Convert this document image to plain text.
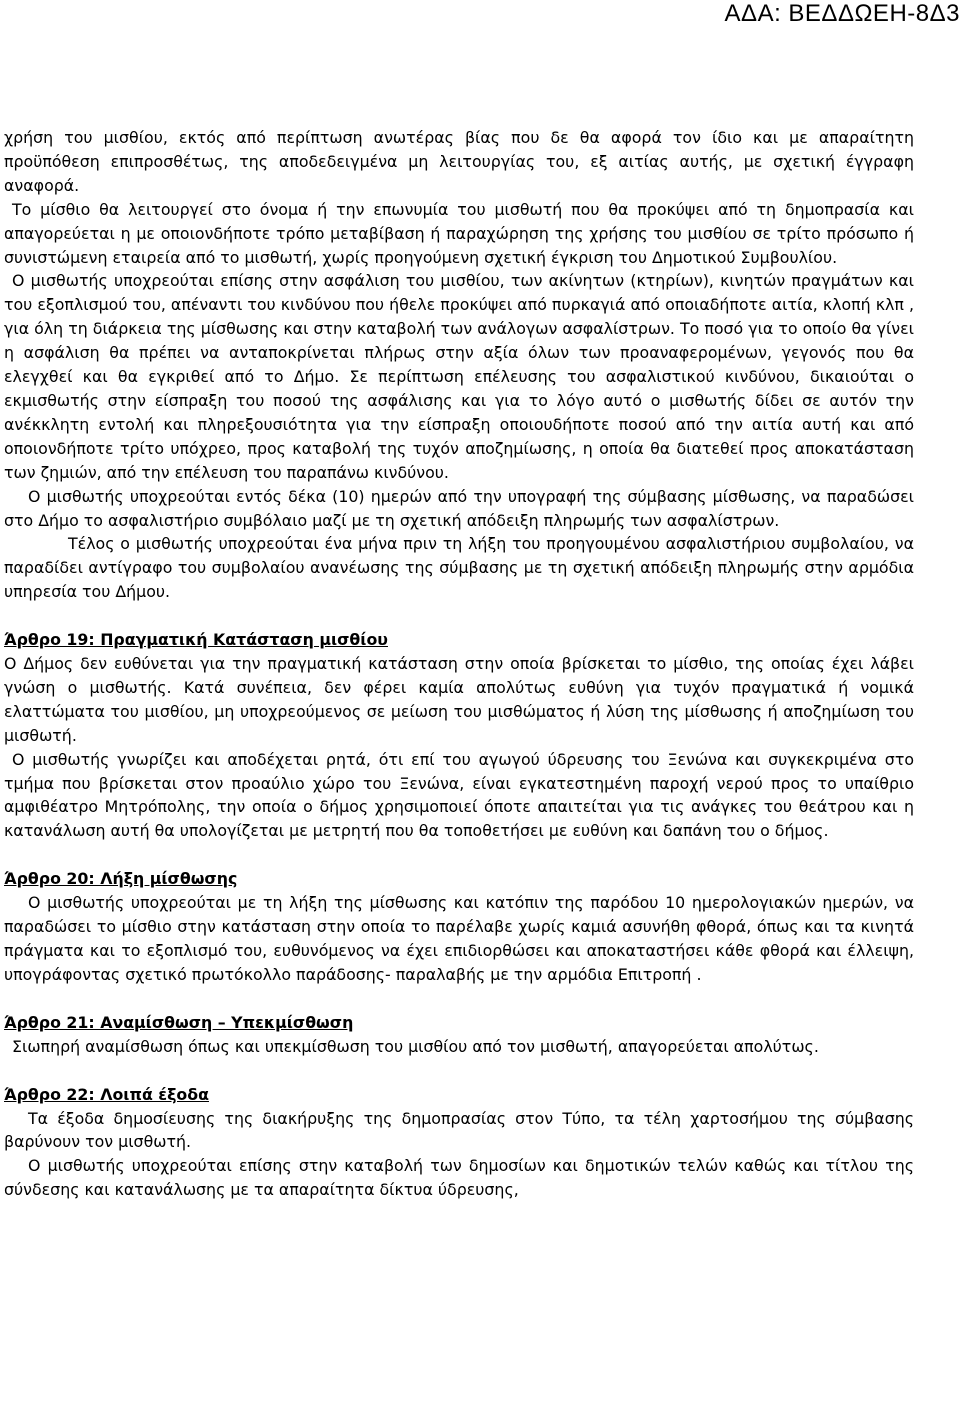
ΑΔΑ: ΒΕΔΔΩΕΗ-8Δ3

χρήση του μισθίου, εκτός από περίπτωση ανωτέρας βίας που δε θα αφορά τον ίδιο και με απαραίτητη προϋπόθεση επιπροσθέτως, της αποδεδειγμένα μη λειτουργίας του, εξ αιτίας αυτής, με σχετική έγγραφη αναφορά.

Το μίσθιο θα λειτουργεί στο όνομα ή την επωνυμία του μισθωτή που θα προκύψει από τη δημοπρασία και απαγορεύεται η με οποιονδήποτε τρόπο μεταβίβαση ή παραχώρηση της χρήσης του μισθίου σε τρίτο πρόσωπο ή συνιστώμενη εταιρεία από το μισθωτή, χωρίς προηγούμενη σχετική έγκριση του Δημοτικού Συμβουλίου.

Ο μισθωτής υποχρεούται επίσης στην ασφάλιση του μισθίου, των ακίνητων (κτηρίων), κινητών πραγμάτων και του εξοπλισμού του, απέναντι του κινδύνου που ήθελε προκύψει από πυρκαγιά από οποιαδήποτε αιτία, κλοπή κλπ , για όλη τη διάρκεια της μίσθωσης και στην καταβολή των ανάλογων ασφαλίστρων. Το ποσό για το οποίο θα γίνει η ασφάλιση θα πρέπει να ανταποκρίνεται πλήρως στην αξία όλων των προαναφερομένων, γεγονός που θα ελεγχθεί και θα εγκριθεί από το Δήμο. Σε περίπτωση επέλευσης του ασφαλιστικού κινδύνου, δικαιούται ο εκμισθωτής στην είσπραξη του ποσού της ασφάλισης και για το λόγο αυτό ο μισθωτής δίδει σε αυτόν την ανέκκλητη εντολή και πληρεξουσιότητα για την είσπραξη οποιουδήποτε ποσού από την αιτία αυτή και από οποιονδήποτε τρίτο υπόχρεο, προς καταβολή της τυχόν αποζημίωσης, η οποία θα διατεθεί προς αποκατάσταση των ζημιών, από την επέλευση του παραπάνω κινδύνου.

Ο μισθωτής υποχρεούται εντός δέκα (10) ημερών από την υπογραφή της σύμβασης μίσθωσης, να παραδώσει στο Δήμο το ασφαλιστήριο συμβόλαιο μαζί με τη σχετική απόδειξη πληρωμής των ασφαλίστρων.

Τέλος ο μισθωτής υποχρεούται ένα μήνα πριν τη λήξη του προηγουμένου ασφαλιστήριου συμβολαίου, να παραδίδει αντίγραφο του συμβολαίου ανανέωσης της σύμβασης με τη σχετική απόδειξη πληρωμής στην αρμόδια υπηρεσία του Δήμου.

Άρθρο 19: Πραγματική Κατάσταση μισθίου

Ο Δήμος δεν ευθύνεται για την πραγματική κατάσταση στην οποία βρίσκεται το μίσθιο, της οποίας έχει λάβει γνώση ο μισθωτής. Κατά συνέπεια, δεν φέρει καμία απολύτως ευθύνη για τυχόν πραγματικά ή νομικά ελαττώματα του μισθίου, μη υποχρεούμενος σε μείωση του μισθώματος ή λύση της μίσθωσης ή αποζημίωση του μισθωτή.

Ο μισθωτής γνωρίζει και αποδέχεται ρητά, ότι επί του αγωγού ύδρευσης του Ξενώνα και συγκεκριμένα στο τμήμα που βρίσκεται στον προαύλιο χώρο του Ξενώνα, είναι εγκατεστημένη παροχή νερού προς το υπαίθριο αμφιθέατρο Μητρόπολης, την οποία ο δήμος χρησιμοποιεί όποτε απαιτείται για τις ανάγκες του θεάτρου και η κατανάλωση αυτή θα υπολογίζεται με μετρητή που θα τοποθετήσει με ευθύνη και δαπάνη του ο δήμος.

Άρθρο 20: Λήξη μίσθωσης

Ο μισθωτής υποχρεούται με τη λήξη της μίσθωσης και κατόπιν της παρόδου 10 ημερολογιακών ημερών, να παραδώσει το μίσθιο στην κατάσταση στην οποία το παρέλαβε χωρίς καμιά ασυνήθη φθορά, όπως και τα κινητά πράγματα και το εξοπλισμό του, ευθυνόμενος να έχει επιδιορθώσει και αποκαταστήσει κάθε φθορά και έλλειψη, υπογράφοντας σχετικό πρωτόκολλο παράδοσης- παραλαβής με την αρμόδια Επιτροπή .

Άρθρο 21: Αναμίσθωση – Υπεκμίσθωση

Σιωπηρή αναμίσθωση όπως και υπεκμίσθωση του μισθίου από τον μισθωτή, απαγορεύεται απολύτως.

Άρθρο 22: Λοιπά έξοδα

Τα έξοδα δημοσίευσης της διακήρυξης της δημοπρασίας στον Τύπο, τα τέλη χαρτοσήμου της σύμβασης βαρύνουν τον μισθωτή.

Ο μισθωτής υποχρεούται επίσης στην καταβολή των δημοσίων και δημοτικών τελών καθώς και τίτλου της σύνδεσης και κατανάλωσης με τα απαραίτητα δίκτυα ύδρευσης,
